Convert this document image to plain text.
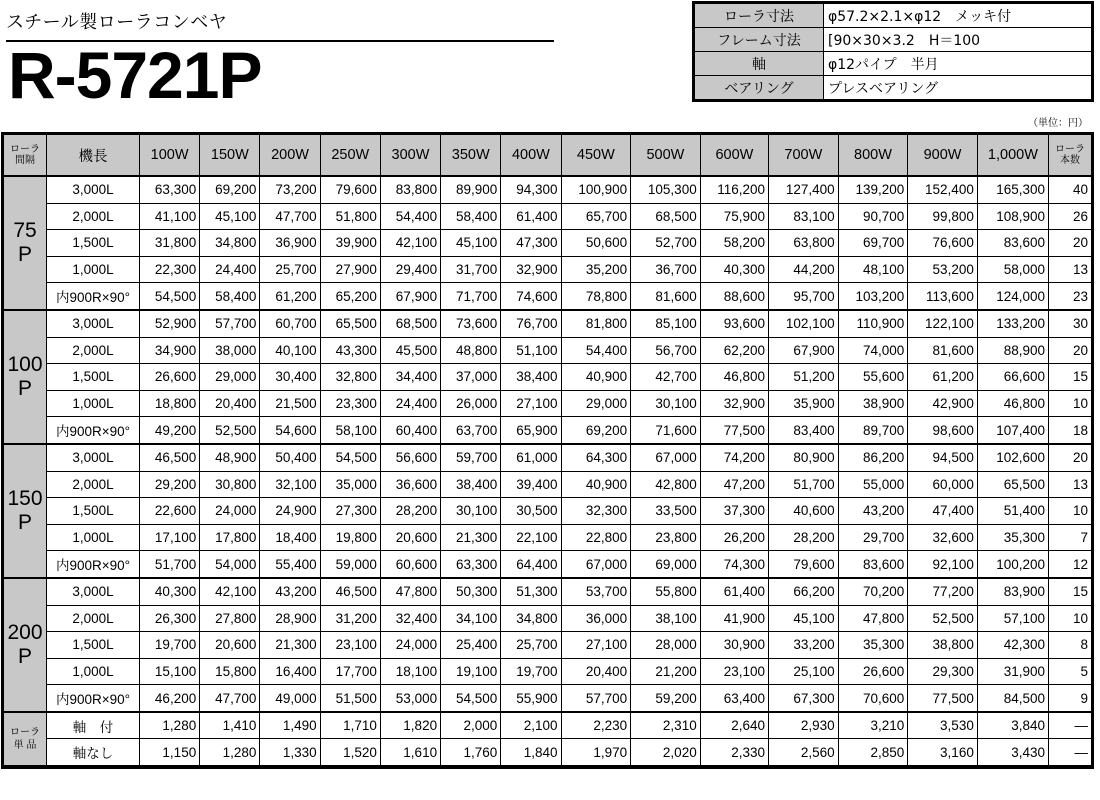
スチール製ローラコンベヤ
R-5721P
ローラ寸法	φ57.2×2.1×φ12　メッキ付
フレーム寸法	[90×30×3.2　H＝100
軸	φ12パイプ　半月
ベアリング	プレスベアリング
（単位：円）
ローラ
間隔	機長	100W	150W	200W	250W	300W	350W	400W	450W	500W	600W	700W	800W	900W	1,000W	ローラ
本数
75
P	3,000L	63,300	69,200	73,200	79,600	83,800	89,900	94,300	100,900	105,300	116,200	127,400	139,200	152,400	165,300	40
	2,000L	41,100	45,100	47,700	51,800	54,400	58,400	61,400	65,700	68,500	75,900	83,100	90,700	99,800	108,900	26
	1,500L	31,800	34,800	36,900	39,900	42,100	45,100	47,300	50,600	52,700	58,200	63,800	69,700	76,600	83,600	20
	1,000L	22,300	24,400	25,700	27,900	29,400	31,700	32,900	35,200	36,700	40,300	44,200	48,100	53,200	58,000	13
	内900R×90°	54,500	58,400	61,200	65,200	67,900	71,700	74,600	78,800	81,600	88,600	95,700	103,200	113,600	124,000	23
100
P	3,000L	52,900	57,700	60,700	65,500	68,500	73,600	76,700	81,800	85,100	93,600	102,100	110,900	122,100	133,200	30
	2,000L	34,900	38,000	40,100	43,300	45,500	48,800	51,100	54,400	56,700	62,200	67,900	74,000	81,600	88,900	20
	1,500L	26,600	29,000	30,400	32,800	34,400	37,000	38,400	40,900	42,700	46,800	51,200	55,600	61,200	66,600	15
	1,000L	18,800	20,400	21,500	23,300	24,400	26,000	27,100	29,000	30,100	32,900	35,900	38,900	42,900	46,800	10
	内900R×90°	49,200	52,500	54,600	58,100	60,400	63,700	65,900	69,200	71,600	77,500	83,400	89,700	98,600	107,400	18
150
P	3,000L	46,500	48,900	50,400	54,500	56,600	59,700	61,000	64,300	67,000	74,200	80,900	86,200	94,500	102,600	20
	2,000L	29,200	30,800	32,100	35,000	36,600	38,400	39,400	40,900	42,800	47,200	51,700	55,000	60,000	65,500	13
	1,500L	22,600	24,000	24,900	27,300	28,200	30,100	30,500	32,300	33,500	37,300	40,600	43,200	47,400	51,400	10
	1,000L	17,100	17,800	18,400	19,800	20,600	21,300	22,100	22,800	23,800	26,200	28,200	29,700	32,600	35,300	7
	内900R×90°	51,700	54,000	55,400	59,000	60,600	63,300	64,400	67,000	69,000	74,300	79,600	83,600	92,100	100,200	12
200
P	3,000L	40,300	42,100	43,200	46,500	47,800	50,300	51,300	53,700	55,800	61,400	66,200	70,200	77,200	83,900	15
	2,000L	26,300	27,800	28,900	31,200	32,400	34,100	34,800	36,000	38,100	41,900	45,100	47,800	52,500	57,100	10
	1,500L	19,700	20,600	21,300	23,100	24,000	25,400	25,700	27,100	28,000	30,900	33,200	35,300	38,800	42,300	8
	1,000L	15,100	15,800	16,400	17,700	18,100	19,100	19,700	20,400	21,200	23,100	25,100	26,600	29,300	31,900	5
	内900R×90°	46,200	47,700	49,000	51,500	53,000	54,500	55,900	57,700	59,200	63,400	67,300	70,600	77,500	84,500	9
ローラ
単 品	軸　付	1,280	1,410	1,490	1,710	1,820	2,000	2,100	2,230	2,310	2,640	2,930	3,210	3,530	3,840	—
	軸なし	1,150	1,280	1,330	1,520	1,610	1,760	1,840	1,970	2,020	2,330	2,560	2,850	3,160	3,430	—
